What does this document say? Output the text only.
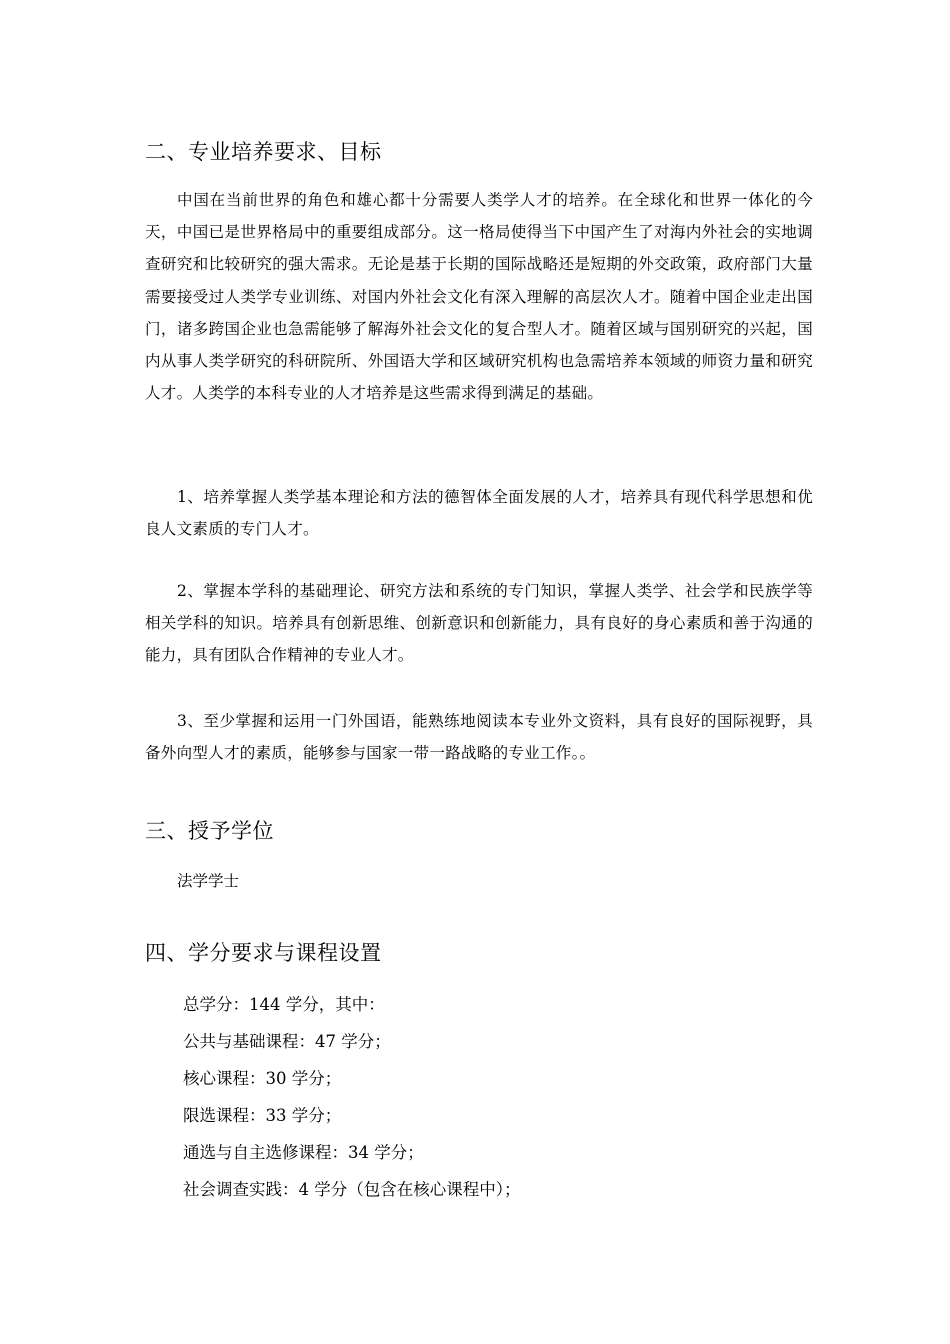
二、专业培养要求、目标

中国在当前世界的角色和雄心都十分需要人类学人才的培养。在全球化和世界一体化的今天，中国已是世界格局中的重要组成部分。这一格局使得当下中国产生了对海内外社会的实地调查研究和比较研究的强大需求。无论是基于长期的国际战略还是短期的外交政策，政府部门大量需要接受过人类学专业训练、对国内外社会文化有深入理解的高层次人才。随着中国企业走出国门，诸多跨国企业也急需能够了解海外社会文化的复合型人才。随着区域与国别研究的兴起，国内从事人类学研究的科研院所、外国语大学和区域研究机构也急需培养本领域的师资力量和研究人才。人类学的本科专业的人才培养是这些需求得到满足的基础。

1、培养掌握人类学基本理论和方法的德智体全面发展的人才，培养具有现代科学思想和优良人文素质的专门人才。

2、掌握本学科的基础理论、研究方法和系统的专门知识，掌握人类学、社会学和民族学等相关学科的知识。培养具有创新思维、创新意识和创新能力，具有良好的身心素质和善于沟通的能力，具有团队合作精神的专业人才。

3、至少掌握和运用一门外国语，能熟练地阅读本专业外文资料，具有良好的国际视野，具备外向型人才的素质，能够参与国家一带一路战略的专业工作。。

三、授予学位

法学学士

四、学分要求与课程设置
总学分：144 学分，其中：
公共与基础课程：47 学分；
核心课程：30 学分；
限选课程：33 学分；
通选与自主选修课程：34 学分；
社会调查实践：4 学分（包含在核心课程中）；
